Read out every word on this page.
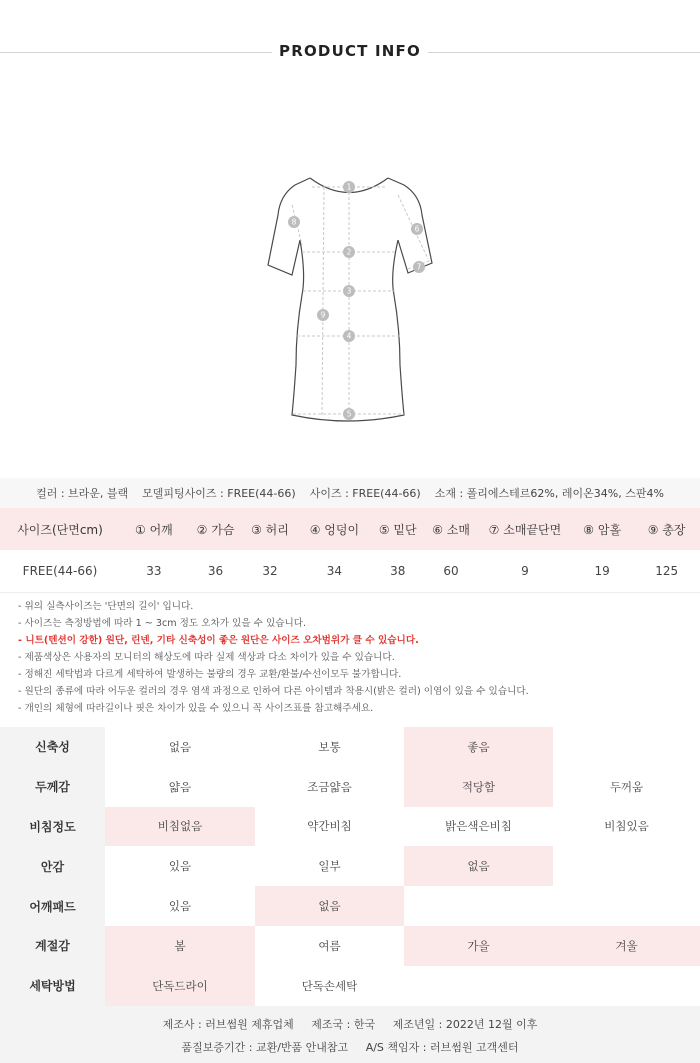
PRODUCT INFO
1
2
3
4
5
6
7
8
9
컬러 : 브라운, 블랙 모델피팅사이즈 : FREE(44-66) 사이즈 : FREE(44-66) 소재 : 폴리에스테르62%, 레이온34%, 스판4%
사이즈(단면cm)	① 어깨	② 가슴	③ 허리	④ 엉덩이	⑤ 밑단	⑥ 소매	⑦ 소매끝단면	⑧ 암홀	⑨ 총장
FREE(44-66)	33	36	32	34	38	60	9	19	125
- 위의 실측사이즈는 '단면의 길이' 입니다.
- 사이즈는 측정방법에 따라 1 ~ 3cm 정도 오차가 있을 수 있습니다.
- 니트(텐션이 강한) 원단, 린넨, 기타 신축성이 좋은 원단은 사이즈 오차범위가 클 수 있습니다.
- 제품색상은 사용자의 모니터의 해상도에 따라 실제 색상과 다소 차이가 있을 수 있습니다.
- 정해진 세탁법과 다르게 세탁하여 발생하는 불량의 경우 교환/환불/수선이모두 불가합니다.
- 원단의 종류에 따라 어두운 컬러의 경우 염색 과정으로 인하여 다른 아이템과 착용시(밝은 컬러) 이염이 있을 수 있습니다.
- 개인의 체형에 따라길이나 핏은 차이가 있을 수 있으니 꼭 사이즈표를 참고해주세요.
신축성	없음	보통	좋음	
두께감	얇음	조금얇음	적당함	두꺼움
비침정도	비침없음	약간비침	밝은색은비침	비침있음
안감	있음	일부	없음	
어깨패드	있음	없음		
계절감	봄	여름	가을	겨울
세탁방법	단독드라이	단독손세탁		
제조사 : 러브썸원 제휴업체 제조국 : 한국 제조년일 : 2022년 12월 이후
품질보증기간 : 교환/반품 안내참고 A/S 책임자 : 러브썸원 고객센터
